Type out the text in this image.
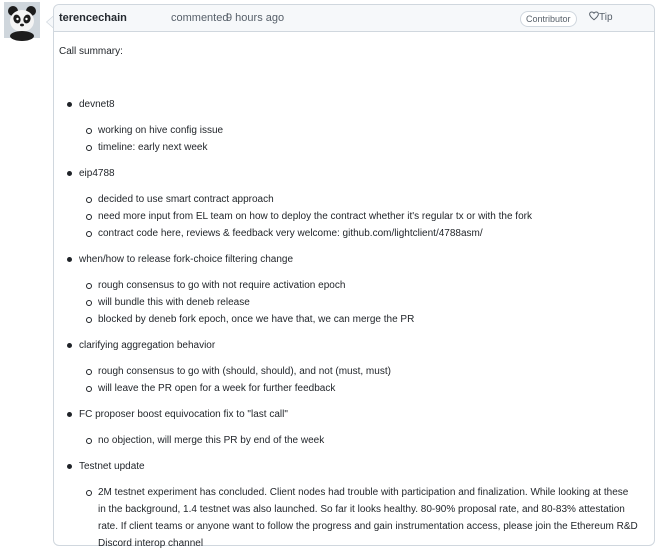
terencechain	commented
9 hours ago	Contributor	Tip

Call summary:

devnet8
working on hive config issue
timeline: early next week
eip4788
decided to use smart contract approach
need more input from EL team on how to deploy the contract whether it's regular tx or with the fork
contract code here, reviews & feedback very welcome: github.com/lightclient/4788asm/
when/how to release fork-choice filtering change
rough consensus to go with not require activation epoch
will bundle this with deneb release
blocked by deneb fork epoch, once we have that, we can merge the PR
clarifying aggregation behavior
rough consensus to go with (should, should), and not (must, must)
will leave the PR open for a week for further feedback
FC proposer boost equivocation fix to "last call"
no objection, will merge this PR by end of the week
Testnet update
2M testnet experiment has concluded. Client nodes had trouble with participation and finalization. While looking at these in the background, 1.4 testnet was also launched. So far it looks healthy. 80-90% proposal rate, and 80-83% attestation rate. If client teams or anyone want to follow the progress and gain instrumentation access, please join the Ethereum R&D Discord interop channel
